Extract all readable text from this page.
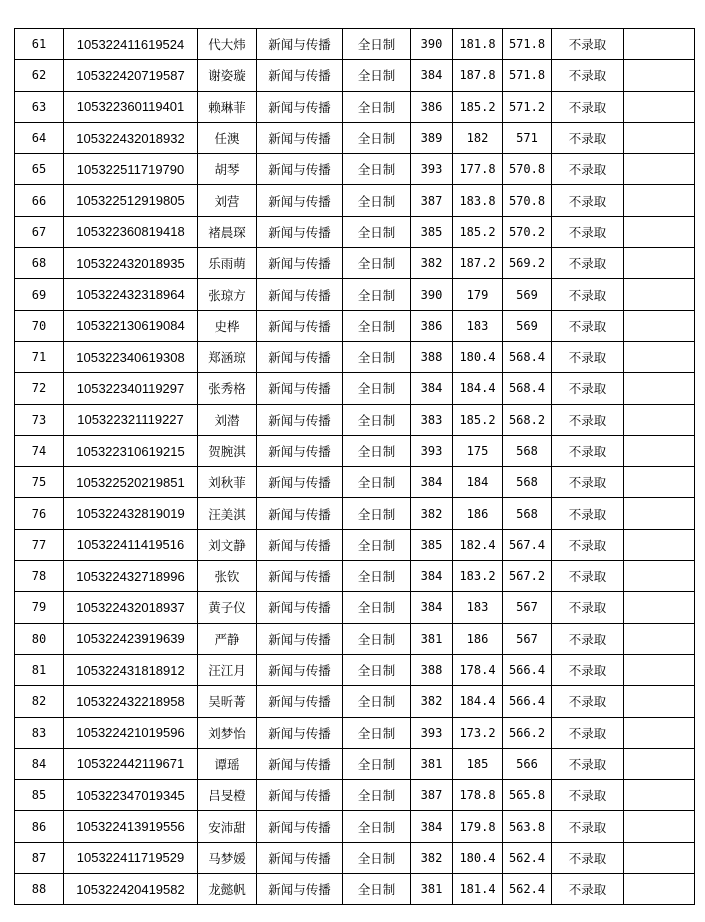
61	105322411619524	代大炜	新闻与传播	全日制	390	181.8	571.8	不录取	
62	105322420719587	谢姿璇	新闻与传播	全日制	384	187.8	571.8	不录取	
63	105322360119401	赖琳菲	新闻与传播	全日制	386	185.2	571.2	不录取	
64	105322432018932	任澳	新闻与传播	全日制	389	182	571	不录取	
65	105322511719790	胡琴	新闻与传播	全日制	393	177.8	570.8	不录取	
66	105322512919805	刘营	新闻与传播	全日制	387	183.8	570.8	不录取	
67	105322360819418	褚晨琛	新闻与传播	全日制	385	185.2	570.2	不录取	
68	105322432018935	乐雨萌	新闻与传播	全日制	382	187.2	569.2	不录取	
69	105322432318964	张琼方	新闻与传播	全日制	390	179	569	不录取	
70	105322130619084	史桦	新闻与传播	全日制	386	183	569	不录取	
71	105322340619308	郑涵琼	新闻与传播	全日制	388	180.4	568.4	不录取	
72	105322340119297	张秀格	新闻与传播	全日制	384	184.4	568.4	不录取	
73	105322321119227	刘潜	新闻与传播	全日制	383	185.2	568.2	不录取	
74	105322310619215	贺腕淇	新闻与传播	全日制	393	175	568	不录取	
75	105322520219851	刘秋菲	新闻与传播	全日制	384	184	568	不录取	
76	105322432819019	汪美淇	新闻与传播	全日制	382	186	568	不录取	
77	105322411419516	刘文静	新闻与传播	全日制	385	182.4	567.4	不录取	
78	105322432718996	张钦	新闻与传播	全日制	384	183.2	567.2	不录取	
79	105322432018937	黄子仪	新闻与传播	全日制	384	183	567	不录取	
80	105322423919639	严静	新闻与传播	全日制	381	186	567	不录取	
81	105322431818912	汪江月	新闻与传播	全日制	388	178.4	566.4	不录取	
82	105322432218958	吴昕菁	新闻与传播	全日制	382	184.4	566.4	不录取	
83	105322421019596	刘梦怡	新闻与传播	全日制	393	173.2	566.2	不录取	
84	105322442119671	谭瑶	新闻与传播	全日制	381	185	566	不录取	
85	105322347019345	吕旻橙	新闻与传播	全日制	387	178.8	565.8	不录取	
86	105322413919556	安沛甜	新闻与传播	全日制	384	179.8	563.8	不录取	
87	105322411719529	马梦媛	新闻与传播	全日制	382	180.4	562.4	不录取	
88	105322420419582	龙懿帆	新闻与传播	全日制	381	181.4	562.4	不录取	
